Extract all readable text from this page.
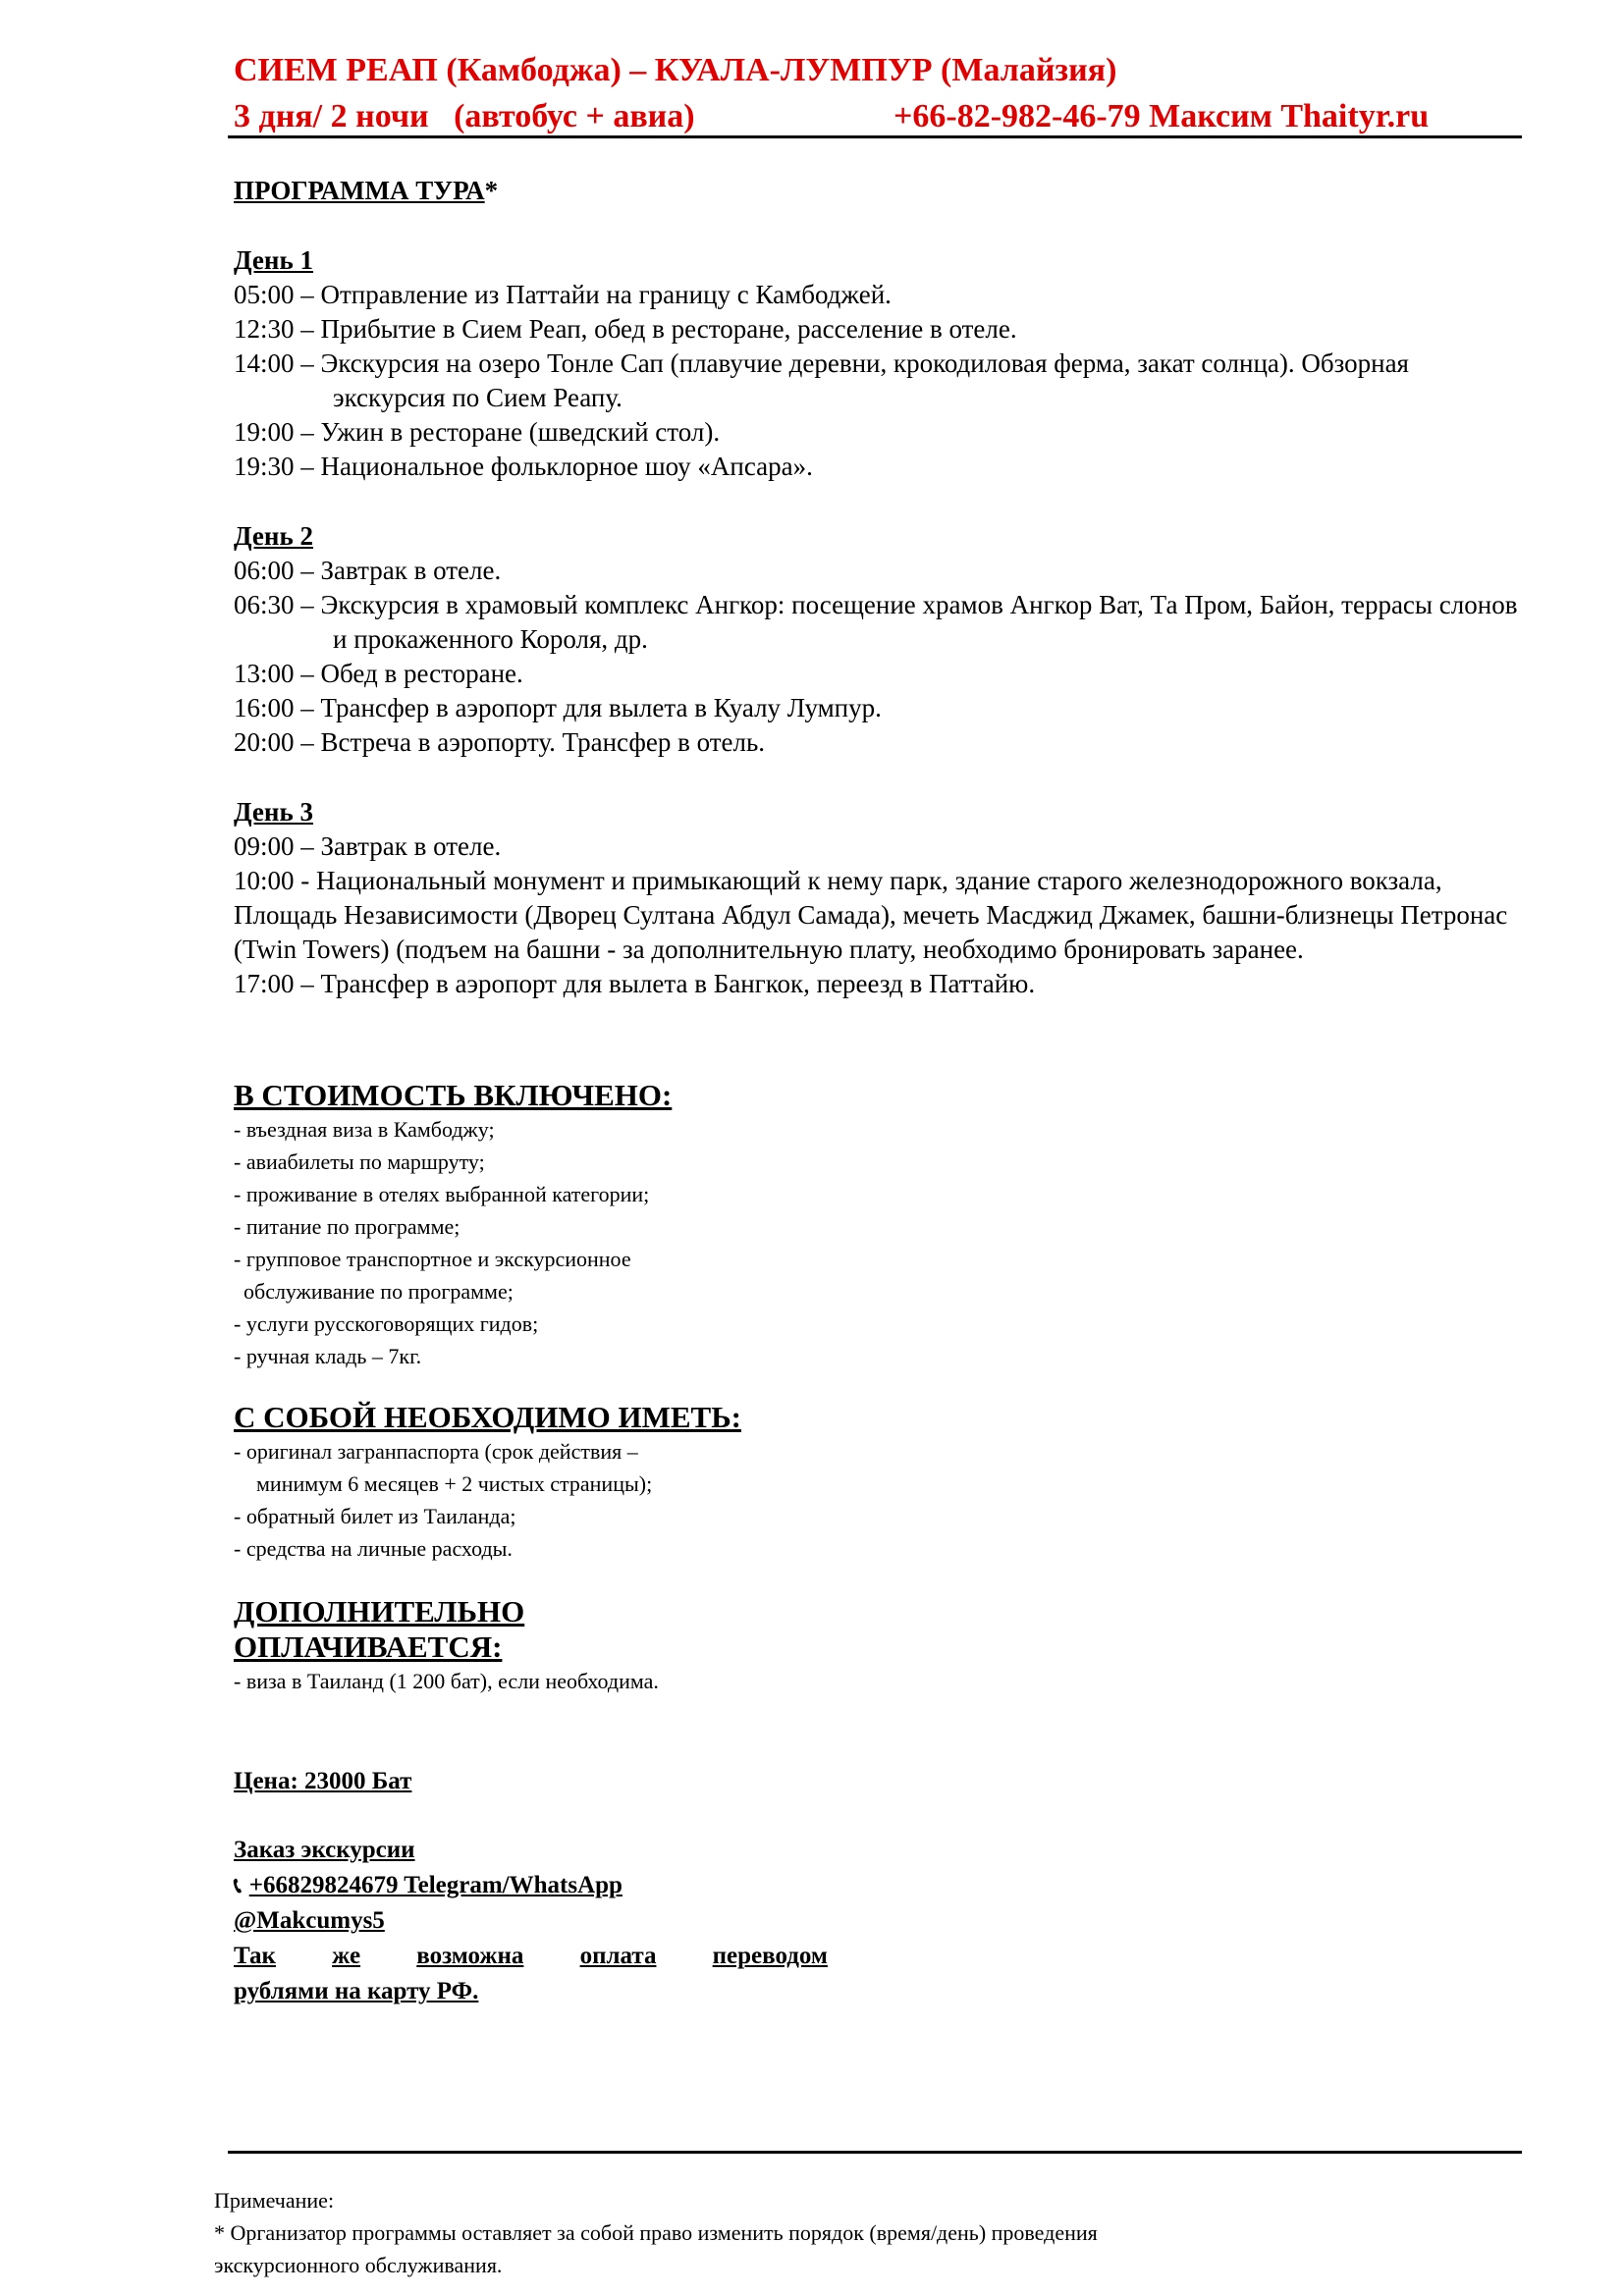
СИЕМ РЕАП (Камбоджа) – КУАЛА-ЛУМПУР (Малайзия)
3 дня/ 2 ночи   (автобус + авиа)	+66-82-982-46-79 Максим Thaityr.ru
ПРОГРАММА ТУРА*
День 1
05:00 – Отправление из Паттайи на границу с Камбоджей.
12:30 – Прибытие в Сием Реап, обед в ресторане, расселение в отеле.
14:00 – Экскурсия на озеро Тонле Сап (плавучие деревни, крокодиловая ферма, закат солнца). Обзорная экскурсия по Сием Реапу.
19:00 – Ужин в ресторане (шведский стол).
19:30 – Национальное фольклорное шоу «Апсара».
День 2
06:00 – Завтрак в отеле.
06:30 – Экскурсия в храмовый комплекс Ангкор: посещение храмов Ангкор Ват, Та Пром, Байон, террасы слонов и прокаженного Короля, др.
13:00 – Обед в ресторане.
16:00 – Трансфер в аэропорт для вылета в Куалу Лумпур.
20:00 – Встреча в аэропорту. Трансфер в отель.
День 3
09:00 – Завтрак в отеле.
10:00 - Национальный монумент и примыкающий к нему парк, здание старого железнодорожного вокзала, Площадь Независимости (Дворец Султана Абдул Самада), мечеть Масджид Джамек, башни-близнецы Петронас (Twin Towers) (подъем на башни - за дополнительную плату, необходимо бронировать заранее.
17:00 – Трансфер в аэропорт для вылета в Бангкок, переезд в Паттайю.
В СТОИМОСТЬ ВКЛЮЧЕНО:
- въездная виза в Камбоджу;
- авиабилеты по маршруту;
- проживание в отелях выбранной категории;
- питание по программе;
- групповое транспортное и экскурсионное
обслуживание по программе;
- услуги русскоговорящих гидов;
- ручная кладь – 7кг.
С СОБОЙ НЕОБХОДИМО ИМЕТЬ:
- оригинал загранпаспорта (срок действия –
минимум 6 месяцев + 2 чистых страницы);
- обратный билет из Таиланда;
- средства на личные расходы.
ДОПОЛНИТЕЛЬНО
ОПЛАЧИВАЕТСЯ:
- виза в Таиланд (1 200 бат), если необходима.
Цена: 23000 Бат
Заказ экскурсии
📞︎ +66829824679 Telegram/WhatsApp
@Makcumys5
Так же возможна оплата переводом
рублями на карту РФ.
Примечание:
* Организатор программы оставляет за собой право изменить порядок (время/день) проведения
экскурсионного обслуживания.
